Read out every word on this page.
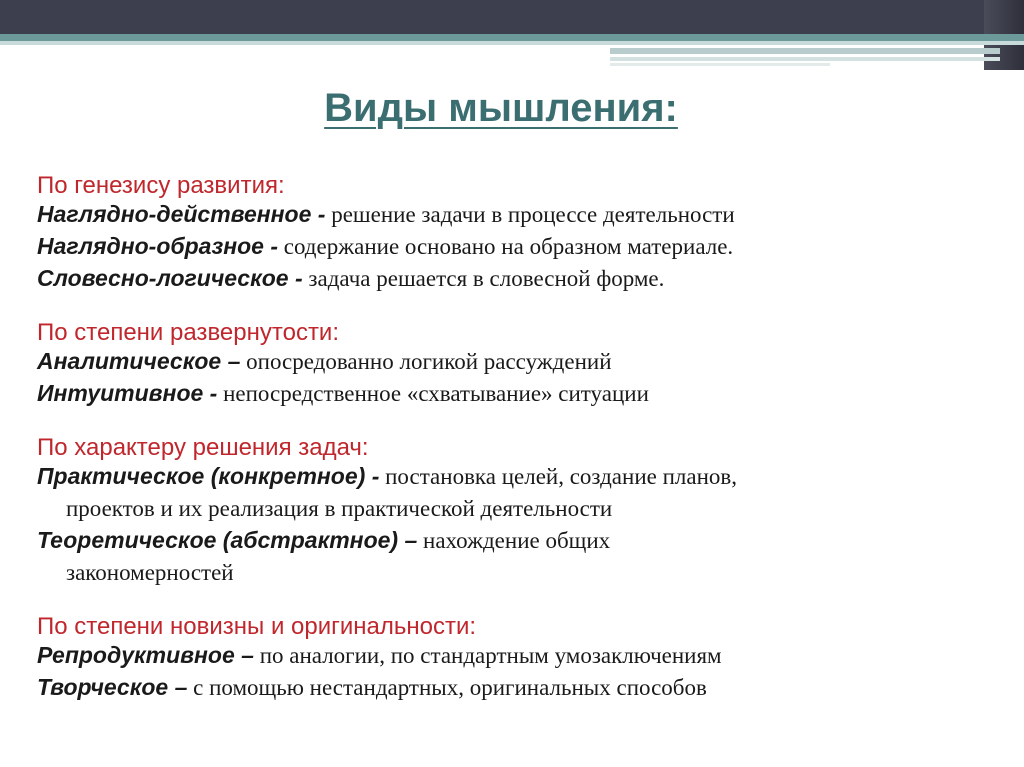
Виды мышления:
По генезису развития:
Наглядно-действенное - решение задачи в процессе деятельности
Наглядно-образное - содержание основано на образном материале.
Словесно-логическое - задача решается в словесной форме.
По степени развернутости:
Аналитическое – опосредованно логикой рассуждений
Интуитивное - непосредственное «схватывание» ситуации
По характеру решения задач:
Практическое (конкретное) - постановка целей, создание планов,
проектов и их реализация в практической деятельности
Теоретическое (абстрактное) – нахождение общих
закономерностей
По степени новизны и оригинальности:
Репродуктивное – по аналогии, по стандартным умозаключениям
Творческое – с помощью нестандартных, оригинальных способов
